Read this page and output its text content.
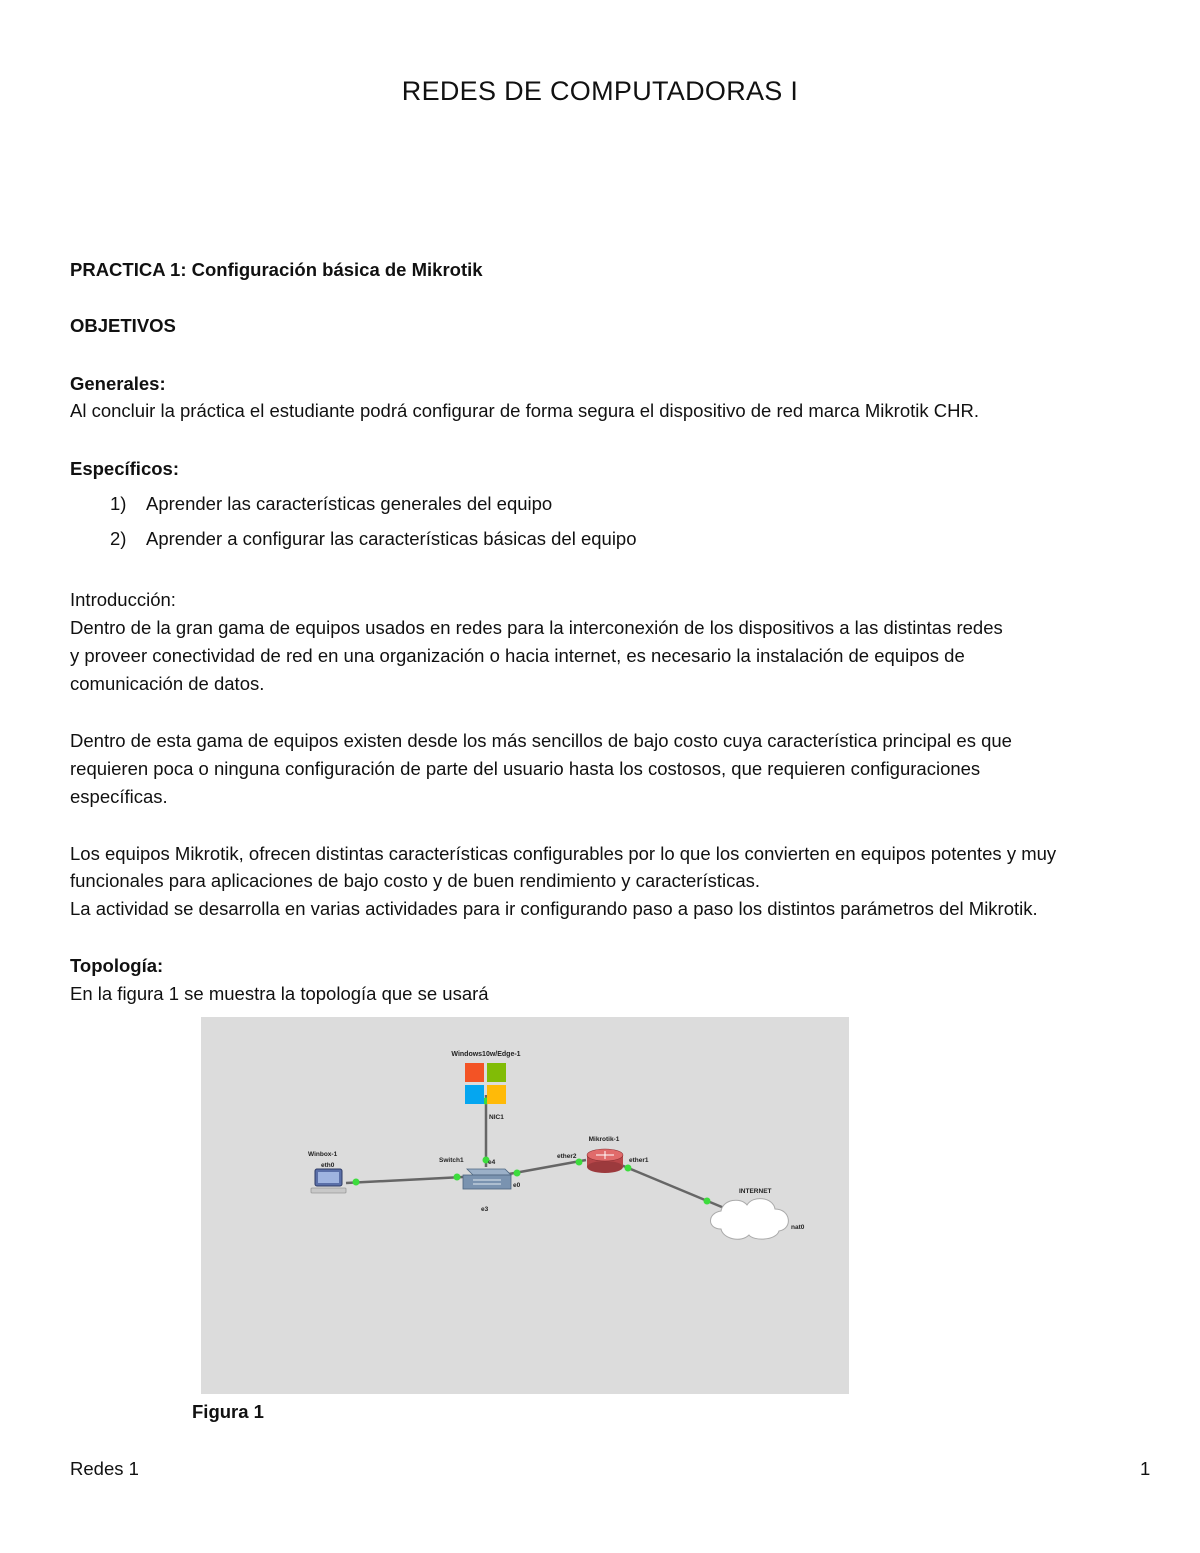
REDES DE COMPUTADORAS I
PRACTICA 1: Configuración básica de Mikrotik
OBJETIVOS
Generales:
Al concluir la práctica el estudiante podrá configurar de forma segura el dispositivo de red marca Mikrotik CHR.
Específicos:
1) Aprender las características generales del equipo
2) Aprender a configurar las características básicas del equipo
Introducción:
Dentro de la gran gama de equipos usados en redes para la interconexión de los dispositivos a las distintas redes
y proveer conectividad de red en una organización o hacia internet, es necesario la instalación de equipos de
comunicación de datos.
Dentro de esta gama de equipos existen desde los más sencillos de bajo costo cuya característica principal es que
requieren poca o ninguna configuración de parte del usuario hasta los costosos, que requieren configuraciones
específicas.
Los equipos Mikrotik, ofrecen distintas características configurables por lo que los convierten en equipos potentes y muy
funcionales para aplicaciones de bajo costo y de buen rendimiento y características.
La actividad se desarrolla en varias actividades para ir configurando paso a paso los distintos parámetros del Mikrotik.
Topología:
En la figura 1 se muestra la topología que se usará
Windows10w/Edge-1
NIC1
Winbox-1
eth0
Switch1	e4
e0
e3
Mikrotik-1
ether2
ether1
INTERNET
nat0
Figura 1
Redes 1	1
